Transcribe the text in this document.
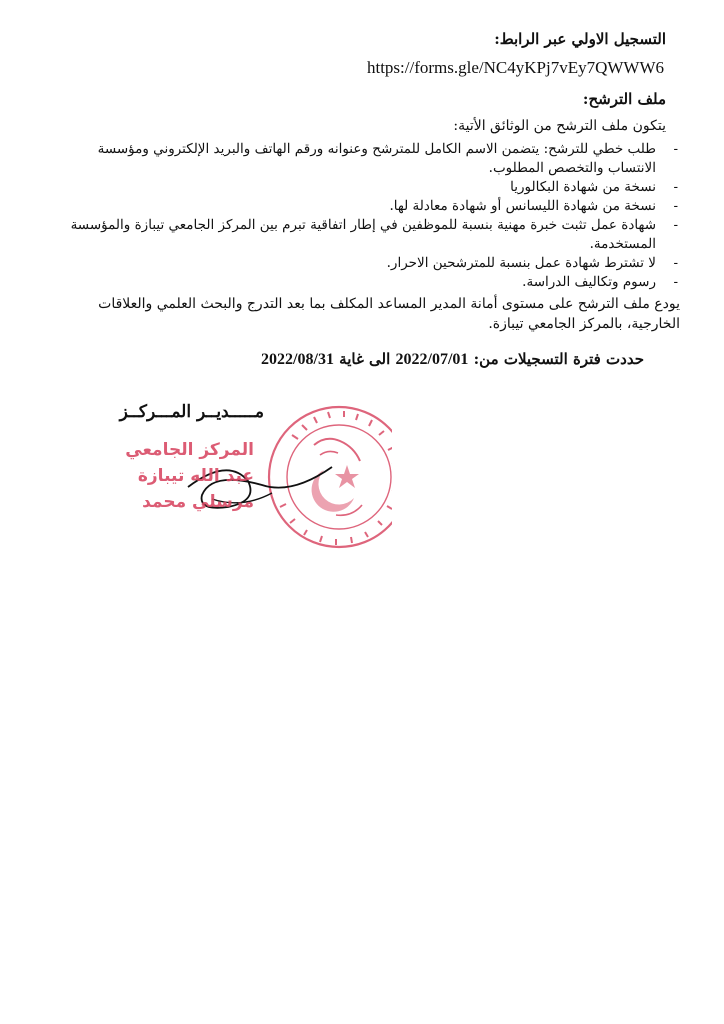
التسجيل الاولي عبر الرابط:
https://forms.gle/NC4yKPj7vEy7QWWW6
ملف الترشح:
يتكون ملف الترشح من الوثائق الأتية:
-
طلب خطي للترشح: يتضمن الاسم الكامل للمترشح وعنوانه ورقم الهاتف والبريد الإلكتروني ومؤسسة الانتساب والتخصص المطلوب.
-
نسخة من شهادة البكالوريا
-
نسخة من شهادة الليسانس أو شهادة معادلة لها.
-
شهادة عمل تثبت خبرة مهنية بنسبة للموظفين في إطار اتفاقية تبرم بين المركز الجامعي تيبازة والمؤسسة المستخدمة.
-
لا تشترط شهادة عمل بنسبة للمترشحين الاحرار.
-
رسوم وتكاليف الدراسة.
يودع ملف الترشح على مستوى أمانة المدير المساعد المكلف بما بعد التدرج والبحث العلمي والعلاقات الخارجية، بالمركز الجامعي تيبازة.
حددت فترة التسجيلات من: 2022/07/01 الى غاية 2022/08/31
مـــــديــر المـــركــز
المركز الجامعي
عبد الله تيبازة
مرسلي محمد
